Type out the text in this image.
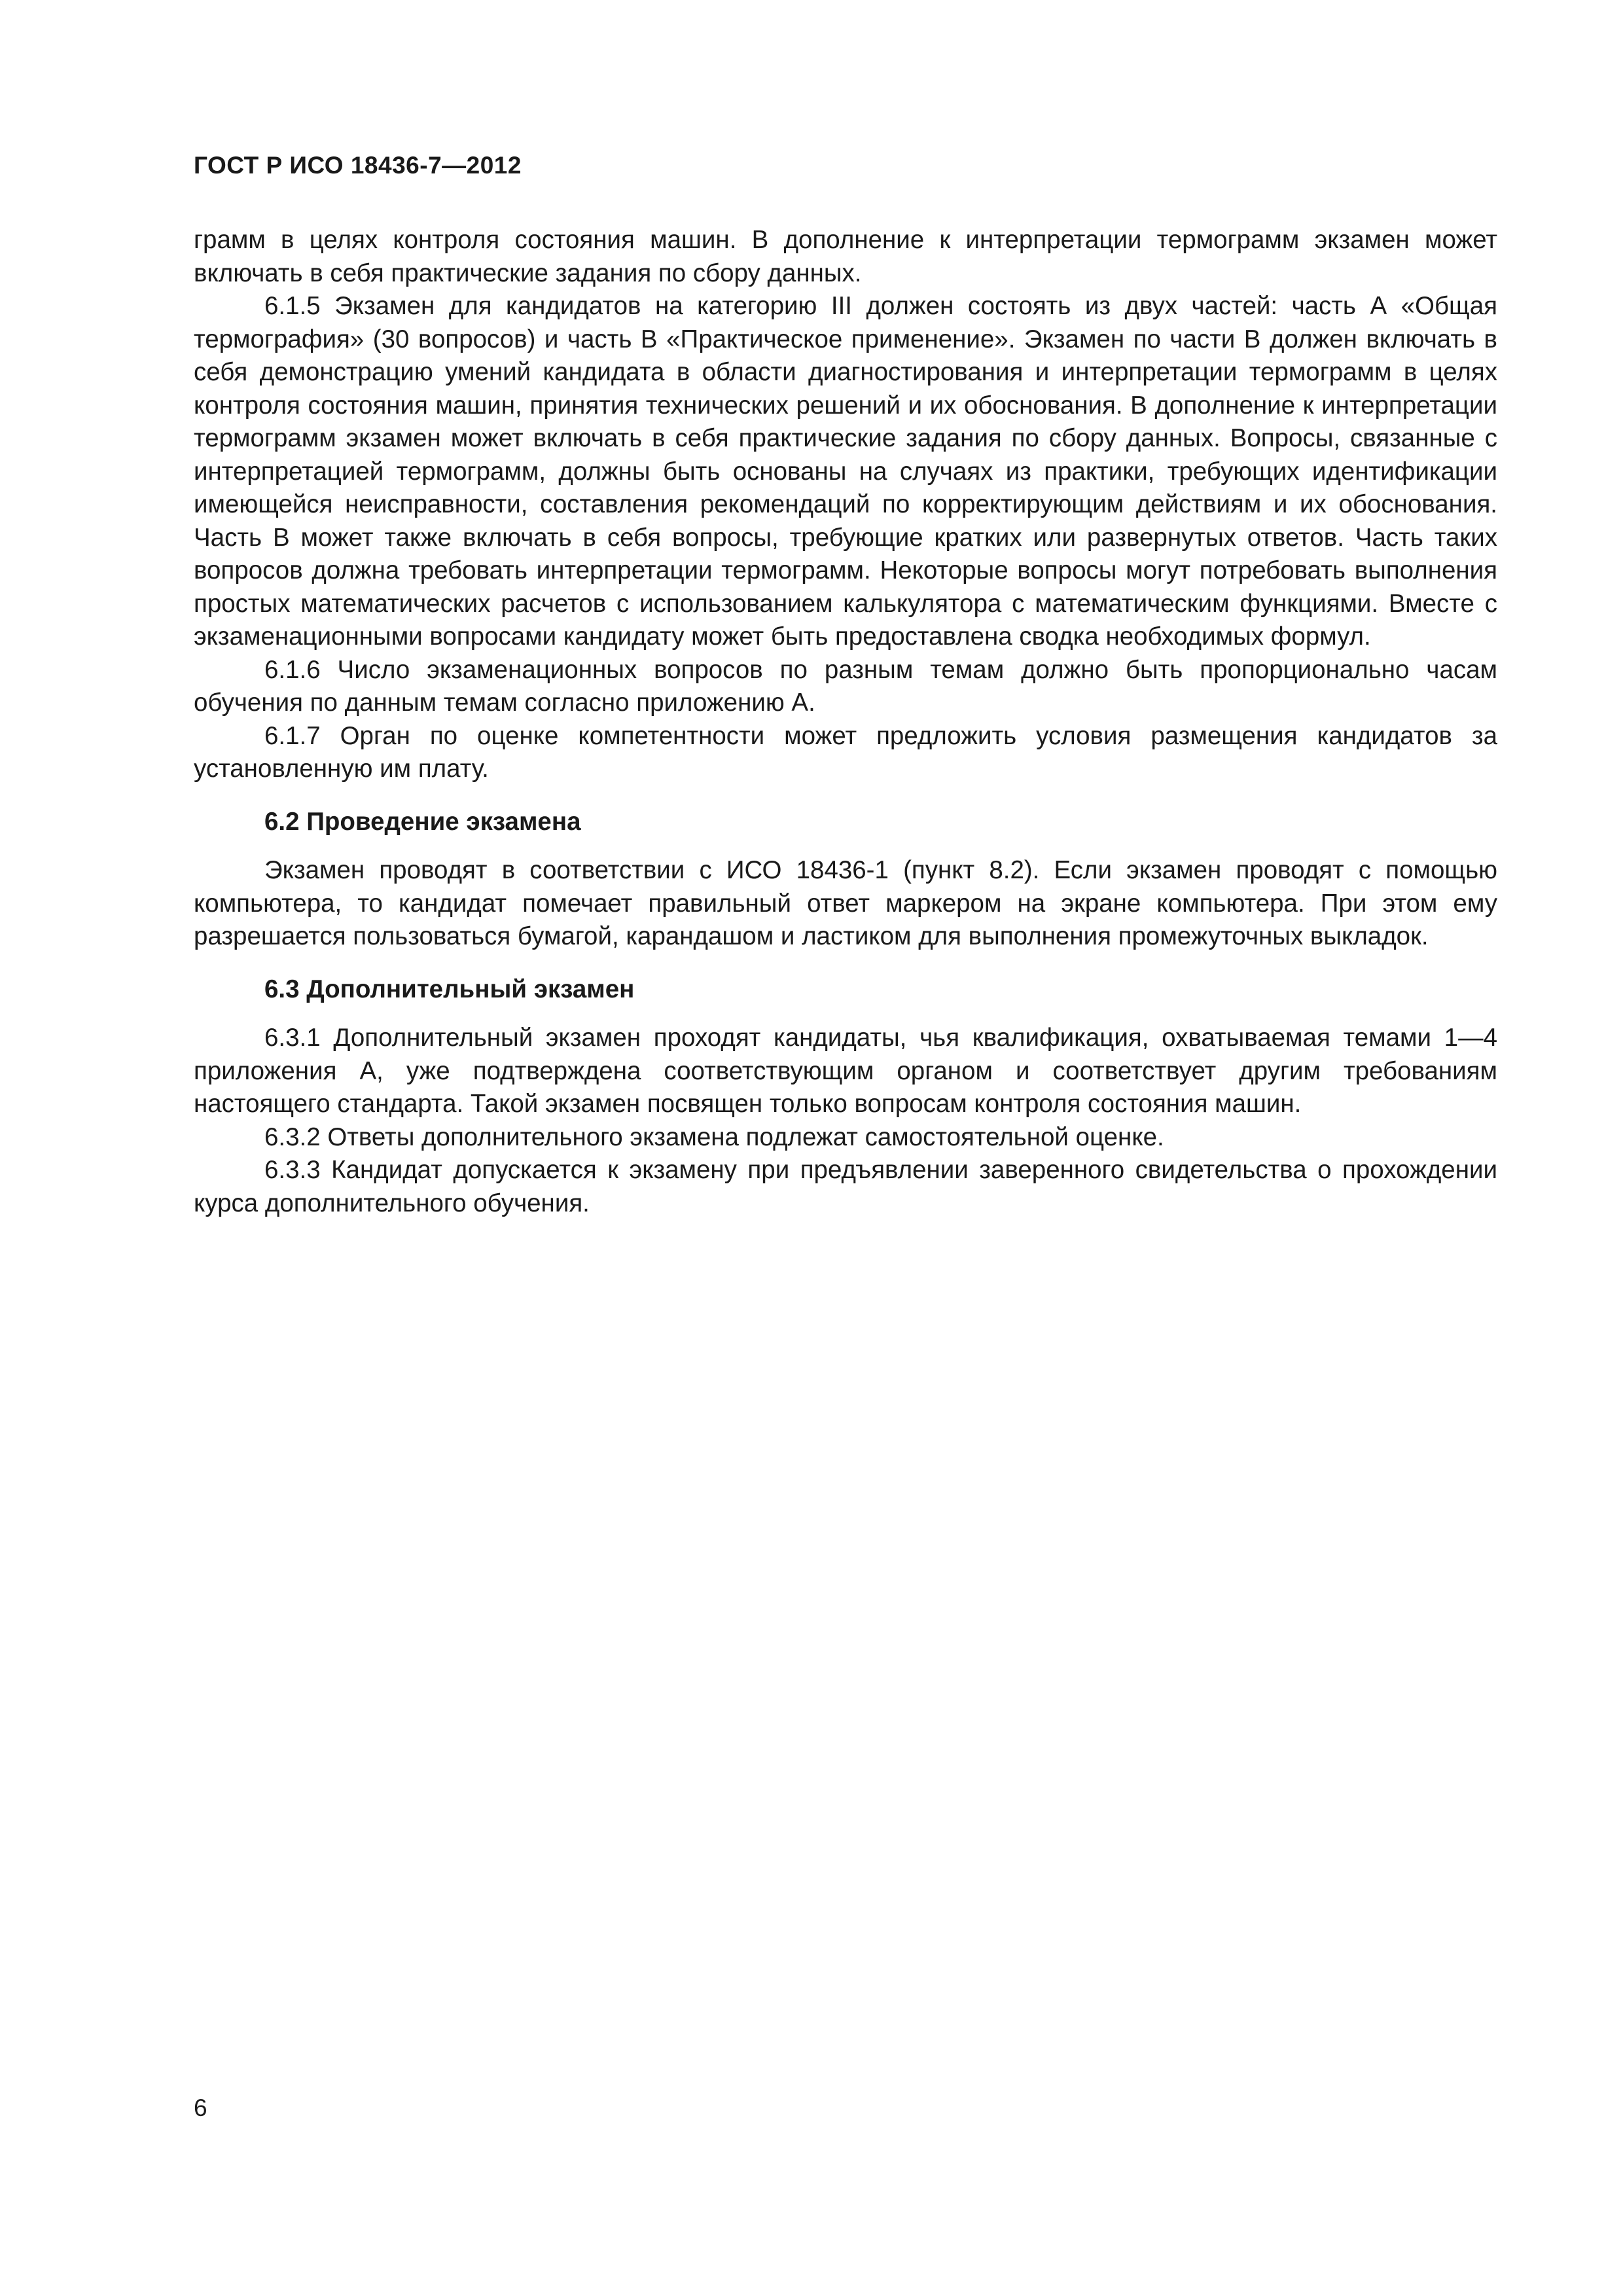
ГОСТ Р ИСО 18436-7—2012

грамм в целях контроля состояния машин. В дополнение к интерпретации термограмм экзамен может включать в себя практические задания по сбору данных.

6.1.5 Экзамен для кандидатов на категорию III должен состоять из двух частей: часть А «Общая термография» (30 вопросов) и часть В «Практическое применение». Экзамен по части В должен включать в себя демонстрацию умений кандидата в области диагностирования и интерпретации термограмм в целях контроля состояния машин, принятия технических решений и их обоснования. В дополнение к интерпретации термограмм экзамен может включать в себя практические задания по сбору данных. Вопросы, связанные с интерпретацией термограмм, должны быть основаны на случаях из практики, требующих идентификации имеющейся неисправности, составления рекомендаций по корректирующим действиям и их обоснования. Часть В может также включать в себя вопросы, требующие кратких или развернутых ответов. Часть таких вопросов должна требовать интерпретации термограмм. Некоторые вопросы могут потребовать выполнения простых математических расчетов с использованием калькулятора с математическим функциями. Вместе с экзаменационными вопросами кандидату может быть предоставлена сводка необходимых формул.

6.1.6 Число экзаменационных вопросов по разным темам должно быть пропорционально часам обучения по данным темам согласно приложению А.

6.1.7 Орган по оценке компетентности может предложить условия размещения кандидатов за установленную им плату.

6.2 Проведение экзамена

Экзамен проводят в соответствии с ИСО 18436-1 (пункт 8.2). Если экзамен проводят с помощью компьютера, то кандидат помечает правильный ответ маркером на экране компьютера. При этом ему разрешается пользоваться бумагой, карандашом и ластиком для выполнения промежуточных выкладок.

6.3 Дополнительный экзамен

6.3.1 Дополнительный экзамен проходят кандидаты, чья квалификация, охватываемая темами 1—4 приложения А, уже подтверждена соответствующим органом и соответствует другим требованиям настоящего стандарта. Такой экзамен посвящен только вопросам контроля состояния машин.

6.3.2 Ответы дополнительного экзамена подлежат самостоятельной оценке.

6.3.3 Кандидат допускается к экзамену при предъявлении заверенного свидетельства о прохождении курса дополнительного обучения.

6
